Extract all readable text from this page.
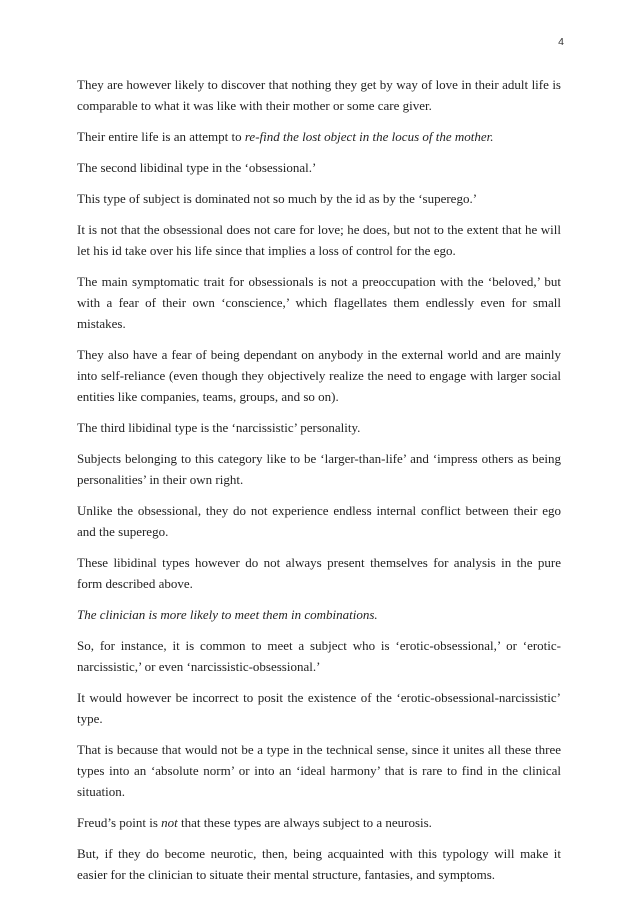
4

They are however likely to discover that nothing they get by way of love in their adult life is comparable to what it was like with their mother or some care giver.

Their entire life is an attempt to re-find the lost object in the locus of the mother.

The second libidinal type in the ‘obsessional.’

This type of subject is dominated not so much by the id as by the ‘superego.’

It is not that the obsessional does not care for love; he does, but not to the extent that he will let his id take over his life since that implies a loss of control for the ego.

The main symptomatic trait for obsessionals is not a preoccupation with the ‘beloved,’ but with a fear of their own ‘conscience,’ which flagellates them endlessly even for small mistakes.

They also have a fear of being dependant on anybody in the external world and are mainly into self-reliance (even though they objectively realize the need to engage with larger social entities like companies, teams, groups, and so on).

The third libidinal type is the ‘narcissistic’ personality.

Subjects belonging to this category like to be ‘larger-than-life’ and ‘impress others as being personalities’ in their own right.

Unlike the obsessional, they do not experience endless internal conflict between their ego and the superego.

These libidinal types however do not always present themselves for analysis in the pure form described above.

The clinician is more likely to meet them in combinations.

So, for instance, it is common to meet a subject who is ‘erotic-obsessional,’ or ‘erotic-narcissistic,’ or even ‘narcissistic-obsessional.’

It would however be incorrect to posit the existence of the ‘erotic-obsessional-narcissistic’ type.

That is because that would not be a type in the technical sense, since it unites all these three types into an ‘absolute norm’ or into an ‘ideal harmony’ that is rare to find in the clinical situation.

Freud’s point is not that these types are always subject to a neurosis.

But, if they do become neurotic, then, being acquainted with this typology will make it easier for the clinician to situate their mental structure, fantasies, and symptoms.
